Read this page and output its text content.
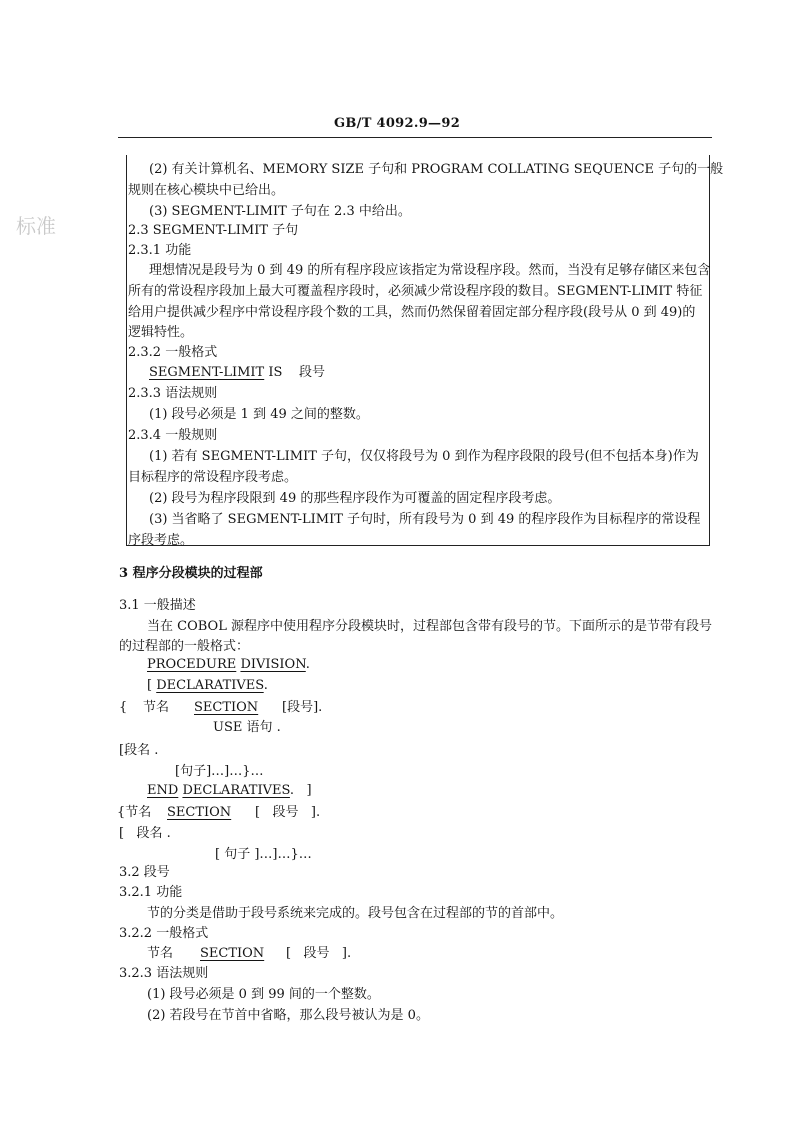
GB/T 4092.9—92
标准
(2) 有关计算机名、MEMORY SIZE 子句和 PROGRAM COLLATING SEQUENCE 子句的一般
规则在核心模块中已给出。
(3) SEGMENT-LIMIT 子句在 2.3 中给出。
2.3 SEGMENT-LIMIT 子句
2.3.1 功能
理想情况是段号为 0 到 49 的所有程序段应该指定为常设程序段。然而，当没有足够存储区来包含
所有的常设程序段加上最大可覆盖程序段时，必须减少常设程序段的数目。SEGMENT-LIMIT 特征
给用户提供减少程序中常设程序段个数的工具，然而仍然保留着固定部分程序段(段号从 0 到 49)的
逻辑特性。
2.3.2 一般格式
SEGMENT-LIMIT IS 段号
2.3.3 语法规则
(1) 段号必须是 1 到 49 之间的整数。
2.3.4 一般规则
(1) 若有 SEGMENT-LIMIT 子句，仅仅将段号为 0 到作为程序段限的段号(但不包括本身)作为
目标程序的常设程序段考虑。
(2) 段号为程序段限到 49 的那些程序段作为可覆盖的固定程序段考虑。
(3) 当省略了 SEGMENT-LIMIT 子句时，所有段号为 0 到 49 的程序段作为目标程序的常设程
序段考虑。
3 程序分段模块的过程部
3.1 一般描述
当在 COBOL 源程序中使用程序分段模块时，过程部包含带有段号的节。下面所示的是节带有段号
的过程部的一般格式：
PROCEDURE DIVISION.
[ DECLARATIVES.
{ 节名 SECTION [段号].
USE 语句 .
[段名 .
[句子]…]…}…
END DECLARATIVES.   ]
{节名 SECTION [   段号   ].
[   段名 .
[ 句子 ]…]…}…
3.2 段号
3.2.1 功能
节的分类是借助于段号系统来完成的。段号包含在过程部的节的首部中。
3.2.2 一般格式
节名 SECTION [   段号   ].
3.2.3 语法规则
(1) 段号必须是 0 到 99 间的一个整数。
(2) 若段号在节首中省略，那么段号被认为是 0。
